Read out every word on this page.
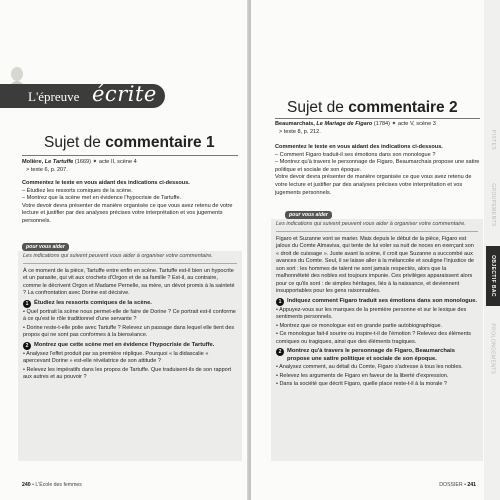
L'épreuve écrite
Sujet de commentaire 1
Molière, Le Tartuffe (1669) ✦ acte II, scène 4
> texte 6, p. 207.
Commentez le texte en vous aidant des indications ci-dessous.
– Étudiez les ressorts comiques de la scène.
– Montrez que la scène met en évidence l'hypocrisie de Tartuffe.
Votre devoir devra présenter de manière organisée ce que vous avez retenu de votre lecture et justifier par des analyses précises votre interprétation et vos jugements personnels.
pour vous aider

Les indications qui suivent peuvent vous aider à organiser votre commentaire.

À ce moment de la pièce, Tartuffe entre enfin en scène. Tartuffe est-il bien un hypocrite et un parasite, qui vit aux crochets d'Orgon et de sa famille ? Est-il, au contraire, comme le décrivent Orgon et Madame Pernelle, sa mère, un dévot promis à la sainteté ? La confrontation avec Dorine est décisive.

1 Étudiez les ressorts comiques de la scène.

• Quel portrait la scène nous permet-elle de faire de Dorine ? Ce portrait est-il conforme à ce qu'est le rôle traditionnel d'une servante ?

• Dorine reste-t-elle polie avec Tartuffe ? Relevez un passage dans lequel elle tient des propos qui ne sont pas conformes à la bienséance.

2 Montrez que cette scène met en évidence l'hypocrisie de Tartuffe.

• Analysez l'effet produit par sa première réplique. Pourquoi « la didascalie « apercevant Dorine » est-elle révélatrice de son attitude ?

• Relevez les impératifs dans les propos de Tartuffe. Que traduisent-ils de son rapport aux autres et au pouvoir ?

240 • L'École des femmes
PISTES
GROUPEMENTS
OBJECTIF BAC
PROLONGEMENTS
Sujet de commentaire 2
Beaumarchais, Le Mariage de Figaro (1784) ✦ acte V, scène 3
> texte 8, p. 212.
Commentez le texte en vous aidant des indications ci-dessous.
– Comment Figaro traduit-il ses émotions dans son monologue ?
– Montrez qu'à travers le personnage de Figaro, Beaumarchais propose une satire politique et sociale de son époque.
Votre devoir devra présenter de manière organisée ce que vous avez retenu de votre lecture et justifier par des analyses précises votre interprétation et vos jugements personnels.
pour vous aider

Les indications qui suivent peuvent vous aider à organiser votre commentaire.

Figaro et Suzanne vont se marier. Mais depuis le début de la pièce, Figaro est jaloux du Comte Almaviva, qui tente de lui voler sa nuit de noces en exerçant son « droit de cuissage ». Juste avant la scène, il croit que Suzanne a succombé aux avances du Comte. Seul, il se laisse aller à la mélancolie et souligne l'injustice de son sort : les hommes de talent ne sont jamais respectés, alors que la malhonnêteté des nobles est toujours impunie. Ces privilèges apparaissent alors pour ce qu'ils sont : de simples héritages, liés à la naissance, et deviennent insupportables pour les gens raisonnables.

1 Indiquez comment Figaro traduit ses émotions dans son monologue.

• Appuyez-vous sur les marques de la première personne et sur le lexique des sentiments personnels.

• Montrez que ce monologue est en grande partie autobiographique.

• Ce monologue fait-il sourire ou inspire-t-il de l'émotion ? Relevez des éléments comiques ou tragiques, ainsi que des éléments tragiques.

2 Montrez qu'à travers le personnage de Figaro, Beaumarchais propose une satire politique et sociale de son époque.

• Analysez comment, au détail du Comte, Figaro s'adresse à tous les nobles.

• Relevez les arguments de Figaro en faveur de la liberté d'expression.

• Dans la société que décrit Figaro, quelle place reste-t-il à la morale ?

DOSSIER • 241
